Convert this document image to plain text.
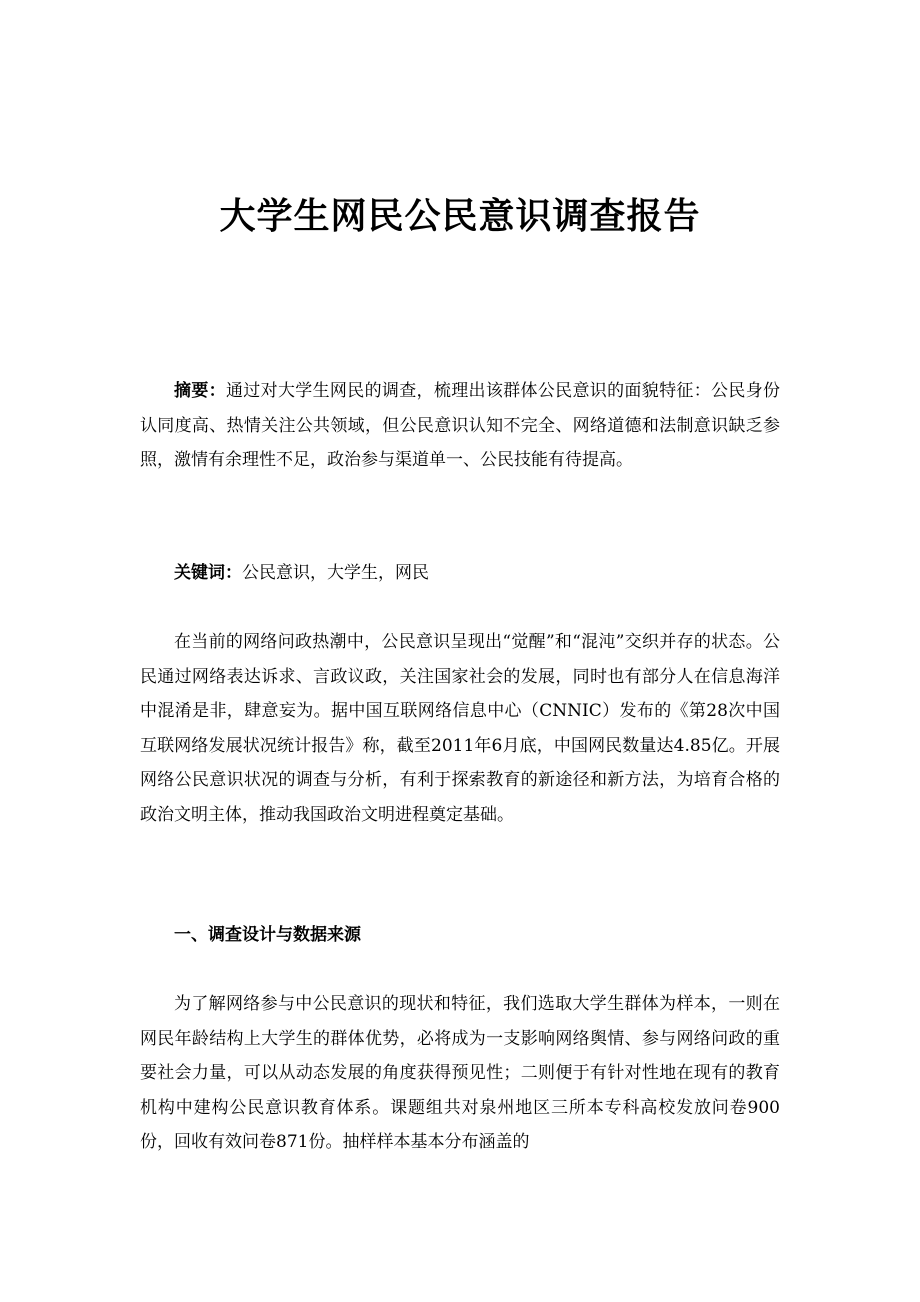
大学生网民公民意识调查报告

摘要：通过对大学生网民的调查，梳理出该群体公民意识的面貌特征：公民身份认同度高、热情关注公共领域，但公民意识认知不完全、网络道德和法制意识缺乏参照，激情有余理性不足，政治参与渠道单一、公民技能有待提高。

关键词：公民意识，大学生，网民

在当前的网络问政热潮中，公民意识呈现出“觉醒”和“混沌”交织并存的状态。公民通过网络表达诉求、言政议政，关注国家社会的发展，同时也有部分人在信息海洋中混淆是非，肆意妄为。据中国互联网络信息中心（CNNIC）发布的《第28次中国互联网络发展状况统计报告》称，截至2011年6月底，中国网民数量达4.85亿。开展网络公民意识状况的调查与分析，有利于探索教育的新途径和新方法，为培育合格的政治文明主体，推动我国政治文明进程奠定基础。

一、调查设计与数据来源

为了解网络参与中公民意识的现状和特征，我们选取大学生群体为样本，一则在网民年龄结构上大学生的群体优势，必将成为一支影响网络舆情、参与网络问政的重要社会力量，可以从动态发展的角度获得预见性；二则便于有针对性地在现有的教育机构中建构公民意识教育体系。课题组共对泉州地区三所本专科高校发放问卷900份，回收有效问卷871份。抽样样本基本分布涵盖的
